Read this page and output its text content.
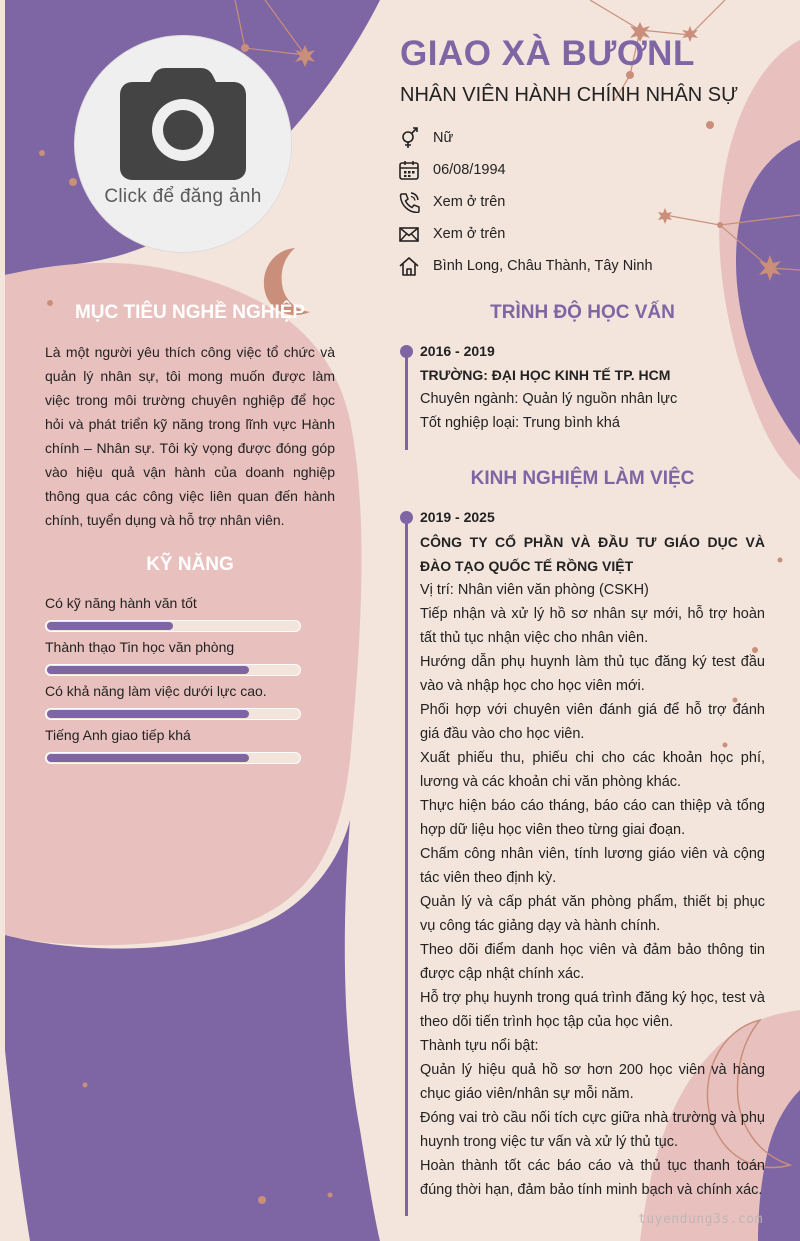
Click để đăng ảnh
GIAO XÀ BƯƠNL
NHÂN VIÊN HÀNH CHÍNH NHÂN SỰ
Nữ
06/08/1994
Xem ở trên
Xem ở trên
Bình Long, Châu Thành, Tây Ninh
MỤC TIÊU NGHỀ NGHIỆP
Là một người yêu thích công việc tổ chức và quản lý nhân sự, tôi mong muốn được làm việc trong môi trường chuyên nghiệp để học hỏi và phát triển kỹ năng trong lĩnh vực Hành chính – Nhân sự. Tôi kỳ vọng được đóng góp vào hiệu quả vận hành của doanh nghiệp thông qua các công việc liên quan đến hành chính, tuyển dụng và hỗ trợ nhân viên.
KỸ NĂNG
Có kỹ năng hành văn tốt
Thành thạo Tin học văn phòng
Có khả năng làm việc dưới lực cao.
Tiếng Anh giao tiếp khá
TRÌNH ĐỘ HỌC VẤN
2016 - 2019
TRƯỜNG: ĐẠI HỌC KINH TẾ TP. HCM
Chuyên ngành: Quản lý nguồn nhân lực
Tốt nghiệp loại: Trung bình khá
KINH NGHIỆM LÀM VIỆC
2019 - 2025

CÔNG TY CỔ PHẦN VÀ ĐẦU TƯ GIÁO DỤC VÀ ĐÀO TẠO QUỐC TẾ RỒNG VIỆT

Vị trí: Nhân viên văn phòng (CSKH)

Tiếp nhận và xử lý hồ sơ nhân sự mới, hỗ trợ hoàn tất thủ tục nhận việc cho nhân viên.

Hướng dẫn phụ huynh làm thủ tục đăng ký test đầu vào và nhập học cho học viên mới.

Phối hợp với chuyên viên đánh giá để hỗ trợ đánh giá đầu vào cho học viên.

Xuất phiếu thu, phiếu chi cho các khoản học phí, lương và các khoản chi văn phòng khác.

Thực hiện báo cáo tháng, báo cáo can thiệp và tổng hợp dữ liệu học viên theo từng giai đoạn.

Chấm công nhân viên, tính lương giáo viên và cộng tác viên theo định kỳ.

Quản lý và cấp phát văn phòng phẩm, thiết bị phục vụ công tác giảng dạy và hành chính.

Theo dõi điểm danh học viên và đảm bảo thông tin được cập nhật chính xác.

Hỗ trợ phụ huynh trong quá trình đăng ký học, test và theo dõi tiến trình học tập của học viên.

Thành tựu nổi bật:

Quản lý hiệu quả hồ sơ hơn 200 học viên và hàng chục giáo viên/nhân sự mỗi năm.

Đóng vai trò cầu nối tích cực giữa nhà trường và phụ huynh trong việc tư vấn và xử lý thủ tục.

Hoàn thành tốt các báo cáo và thủ tục thanh toán đúng thời hạn, đảm bảo tính minh bạch và chính xác.

tuyendung3s.com
